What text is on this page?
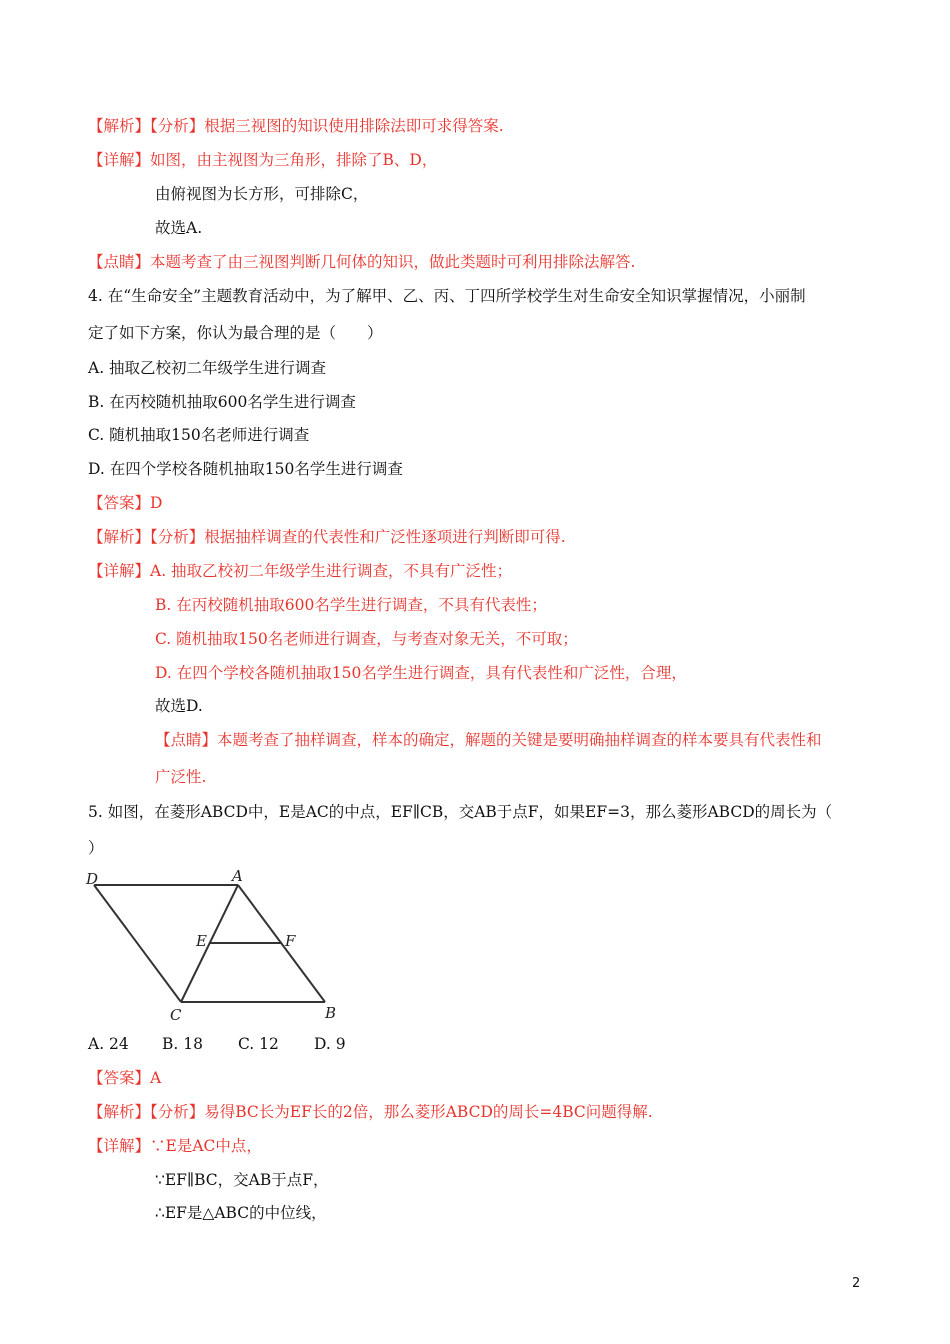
【解析】【分析】根据三视图的知识使用排除法即可求得答案.
【详解】如图，由主视图为三角形，排除了B、D，
由俯视图为长方形，可排除C，
故选A.
【点睛】本题考查了由三视图判断几何体的知识，做此类题时可利用排除法解答.
4. 在“生命安全”主题教育活动中，为了解甲、乙、丙、丁四所学校学生对生命安全知识掌握情况，小丽制
定了如下方案，你认为最合理的是（　　）
A. 抽取乙校初二年级学生进行调查
B. 在丙校随机抽取600名学生进行调查
C. 随机抽取150名老师进行调查
D. 在四个学校各随机抽取150名学生进行调查
【答案】D
【解析】【分析】根据抽样调查的代表性和广泛性逐项进行判断即可得.
【详解】A. 抽取乙校初二年级学生进行调查，不具有广泛性；
B. 在丙校随机抽取600名学生进行调查，不具有代表性；
C. 随机抽取150名老师进行调查，与考查对象无关，不可取；
D. 在四个学校各随机抽取150名学生进行调查，具有代表性和广泛性，合理，
故选D.
【点睛】本题考查了抽样调查，样本的确定，解题的关键是要明确抽样调查的样本要具有代表性和
广泛性.
5. 如图，在菱形ABCD中，E是AC的中点，EF∥CB，交AB于点F，如果EF=3，那么菱形ABCD的周长为（
）
D	A
E	F
C	B
A. 24 B. 18 C. 12 D. 9
【答案】A
【解析】【分析】易得BC长为EF长的2倍，那么菱形ABCD的周长=4BC问题得解.
【详解】∵E是AC中点，
∵EF∥BC，交AB于点F，
∴EF是△ABC的中位线，
2
